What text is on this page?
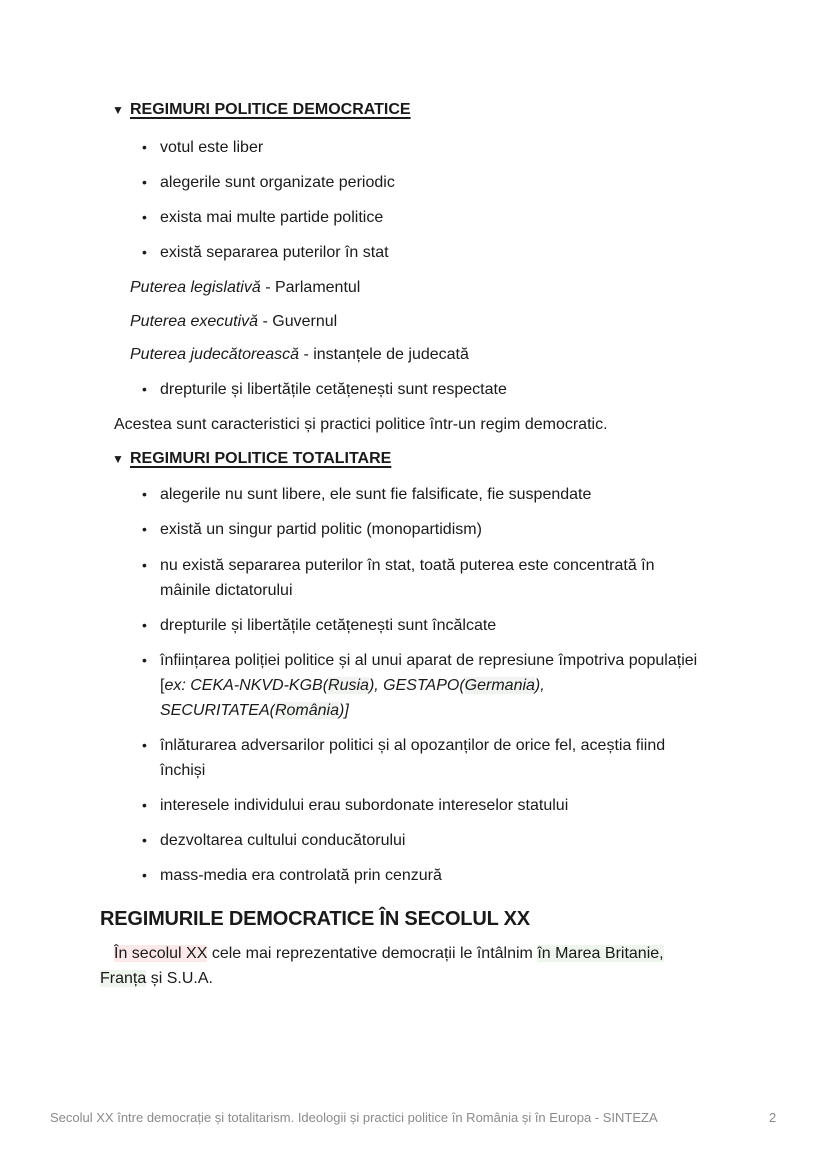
▼ REGIMURI POLITICE DEMOCRATICE
• votul este liber
• alegerile sunt organizate periodic
• exista mai multe partide politice
• există separarea puterilor în stat
Puterea legislativă - Parlamentul
Puterea executivă - Guvernul
Puterea judecătorească - instanțele de judecată
• drepturile și libertățile cetățenești sunt respectate
Acestea sunt caracteristici și practici politice într-un regim democratic.
▼ REGIMURI POLITICE TOTALITARE
• alegerile nu sunt libere, ele sunt fie falsificate, fie suspendate
• există un singur partid politic (monopartidism)
• nu există separarea puterilor în stat, toată puterea este concentrată în
mâinile dictatorului
• drepturile și libertățile cetățenești sunt încălcate
• înființarea poliției politice și al unui aparat de represiune împotriva populației
[ex: CEKA-NKVD-KGB(Rusia), GESTAPO(Germania),
SECURITATEA(România)]
• înlăturarea adversarilor politici și al opozanților de orice fel, aceștia fiind
închiși
• interesele individului erau subordonate intereselor statului
• dezvoltarea cultului conducătorului
• mass-media era controlată prin cenzură
REGIMURILE DEMOCRATICE ÎN SECOLUL XX
În secolul XX cele mai reprezentative democrații le întâlnim în Marea Britanie,
Franța și S.U.A.
Secolul XX între democrație și totalitarism. Ideologii și practici politice în România și în Europa - SINTEZA	2
